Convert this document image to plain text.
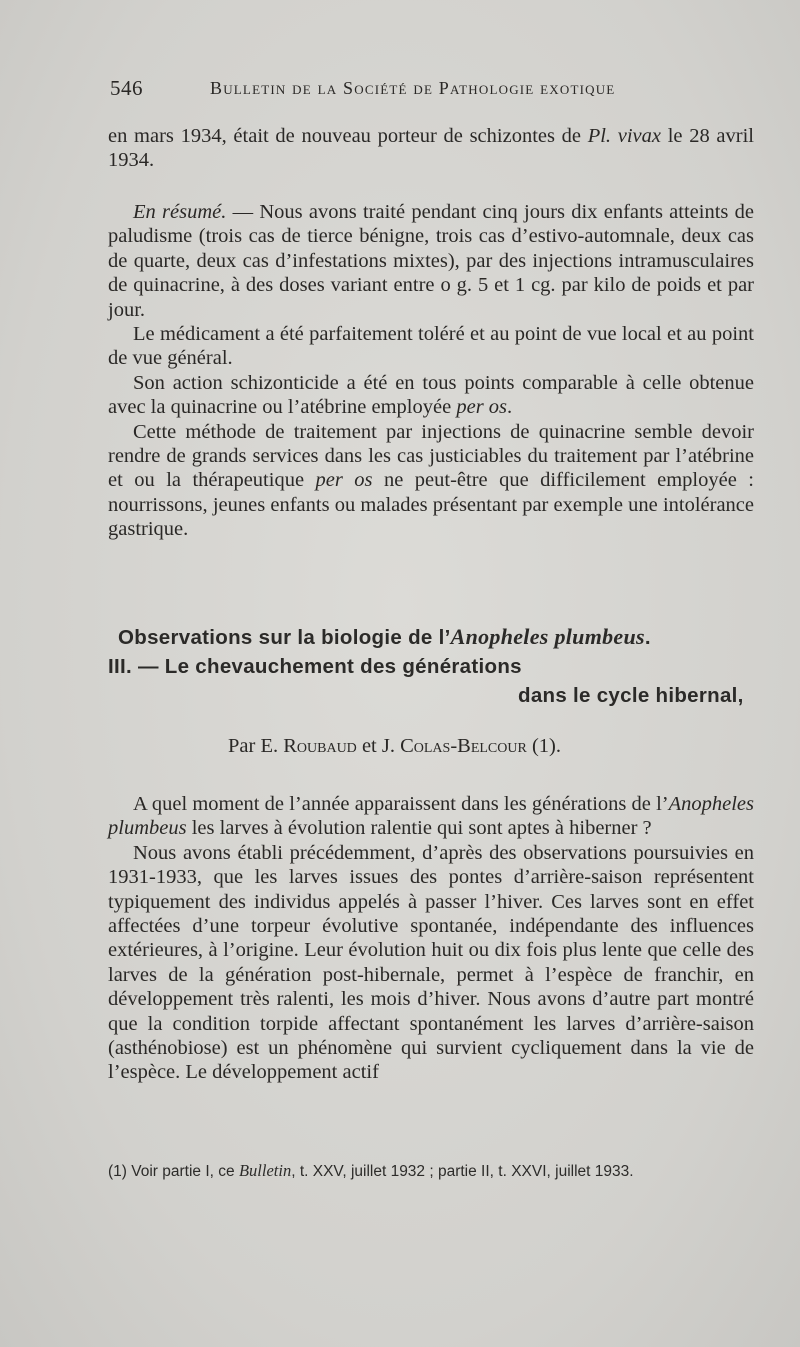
546	Bulletin de la Société de Pathologie exotique

en mars 1934, était de nouveau porteur de schizontes de Pl. vivax le 28 avril 1934.

En résumé. — Nous avons traité pendant cinq jours dix enfants atteints de paludisme (trois cas de tierce bénigne, trois cas d’estivo-automnale, deux cas de quarte, deux cas d’infestations mixtes), par des injections intramusculaires de quinacrine, à des doses variant entre o g. 5 et 1 cg. par kilo de poids et par jour.

Le médicament a été parfaitement toléré et au point de vue local et au point de vue général.

Son action schizonticide a été en tous points comparable à celle obtenue avec la quinacrine ou l’atébrine employée per os.

Cette méthode de traitement par injections de quinacrine semble devoir rendre de grands services dans les cas justiciables du traitement par l’atébrine et ou la thérapeutique per os ne peut-être que difficilement employée : nourrissons, jeunes enfants ou malades présentant par exemple une intolérance gastrique.

Observations sur la biologie de l’Anopheles plumbeus.
III. — Le chevauchement des générations
dans le cycle hibernal,
Par E. Roubaud et J. Colas-Belcour (1).

A quel moment de l’année apparaissent dans les générations de l’Anopheles plumbeus les larves à évolution ralentie qui sont aptes à hiberner ?

Nous avons établi précédemment, d’après des observations poursuivies en 1931-1933, que les larves issues des pontes d’arrière-saison représentent typiquement des individus appelés à passer l’hiver. Ces larves sont en effet affectées d’une torpeur évolutive spontanée, indépendante des influences extérieures, à l’origine. Leur évolution huit ou dix fois plus lente que celle des larves de la génération post-hibernale, permet à l’espèce de franchir, en développement très ralenti, les mois d’hiver. Nous avons d’autre part montré que la condition torpide affectant spontanément les larves d’arrière-saison (asthénobiose) est un phénomène qui survient cycliquement dans la vie de l’espèce. Le développement actif

(1) Voir partie I, ce Bulletin, t. XXV, juillet 1932 ; partie II, t. XXVI, juillet 1933.
